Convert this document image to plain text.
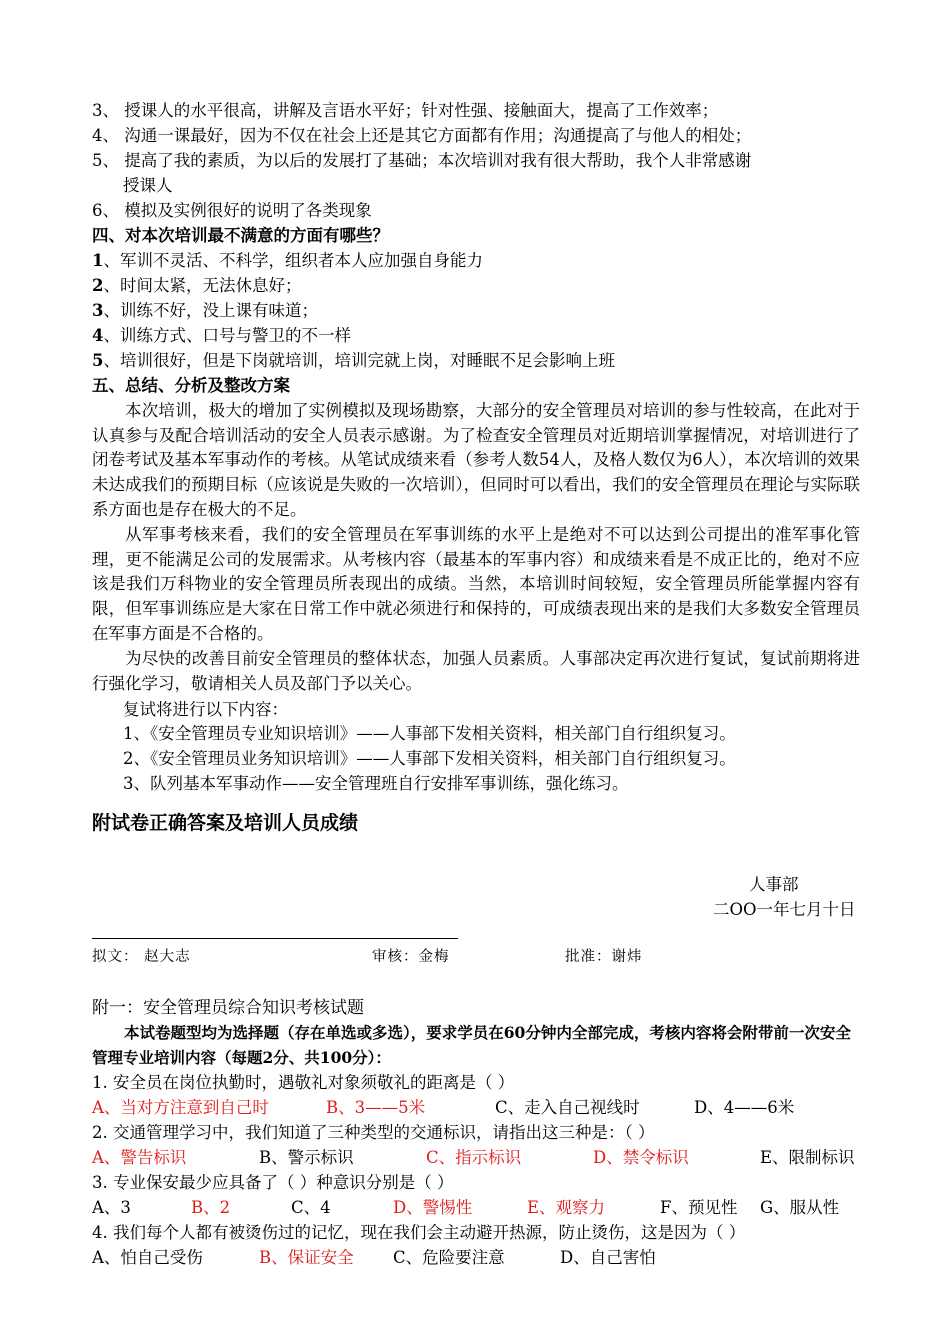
3、 授课人的水平很高，讲解及言语水平好；针对性强、接触面大，提高了工作效率；
4、 沟通一课最好，因为不仅在社会上还是其它方面都有作用；沟通提高了与他人的相处；
5、 提高了我的素质，为以后的发展打了基础；本次培训对我有很大帮助，我个人非常感谢
授课人
6、 模拟及实例很好的说明了各类现象
四、对本次培训最不满意的方面有哪些？
1、军训不灵活、不科学，组织者本人应加强自身能力
2、时间太紧，无法休息好；
3、训练不好，没上课有味道；
4、训练方式、口号与警卫的不一样
5、培训很好，但是下岗就培训，培训完就上岗，对睡眠不足会影响上班
五、总结、分析及整改方案
本次培训，极大的增加了实例模拟及现场勘察，大部分的安全管理员对培训的参与性较高，在此对于认真参与及配合培训活动的安全人员表示感谢。为了检查安全管理员对近期培训掌握情况，对培训进行了闭卷考试及基本军事动作的考核。从笔试成绩来看（参考人数54人，及格人数仅为6人），本次培训的效果未达成我们的预期目标（应该说是失败的一次培训），但同时可以看出，我们的安全管理员在理论与实际联系方面也是存在极大的不足。
从军事考核来看，我们的安全管理员在军事训练的水平上是绝对不可以达到公司提出的准军事化管理，更不能满足公司的发展需求。从考核内容（最基本的军事内容）和成绩来看是不成正比的，绝对不应该是我们万科物业的安全管理员所表现出的成绩。当然，本培训时间较短，安全管理员所能掌握内容有限，但军事训练应是大家在日常工作中就必须进行和保持的，可成绩表现出来的是我们大多数安全管理员在军事方面是不合格的。
为尽快的改善目前安全管理员的整体状态，加强人员素质。人事部决定再次进行复试，复试前期将进行强化学习，敬请相关人员及部门予以关心。
复试将进行以下内容：
1、《安全管理员专业知识培训》——人事部下发相关资料，相关部门自行组织复习。
2、《安全管理员业务知识培训》——人事部下发相关资料，相关部门自行组织复习。
3、队列基本军事动作——安全管理班自行安排军事训练，强化练习。
附试卷正确答案及培训人员成绩
人事部
二OO一年七月十日
拟文： 赵大志	审核：金梅	批准：谢炜
附一：安全管理员综合知识考核试题
本试卷题型均为选择题（存在单选或多选），要求学员在60分钟内全部完成，考核内容将会附带前一次安全管理专业培训内容（每题2分、共100分）：
1. 安全员在岗位执勤时，遇敬礼对象须敬礼的距离是（ ）
A、当对方注意到自己时	B、3——5米	C、走入自己视线时	D、4——6米
2. 交通管理学习中，我们知道了三种类型的交通标识，请指出这三种是：（ ）
A、警告标识	B、警示标识	C、指示标识	D、禁令标识	E、限制标识
3. 专业保安最少应具备了（ ）种意识分别是（ ）
A、3	B、2	C、4	D、警惕性	E、观察力	F、预见性 G、服从性
4. 我们每个人都有被烫伤过的记忆，现在我们会主动避开热源，防止烫伤，这是因为（ ）
A、怕自己受伤	B、保证安全 C、危险要注意	D、自己害怕
